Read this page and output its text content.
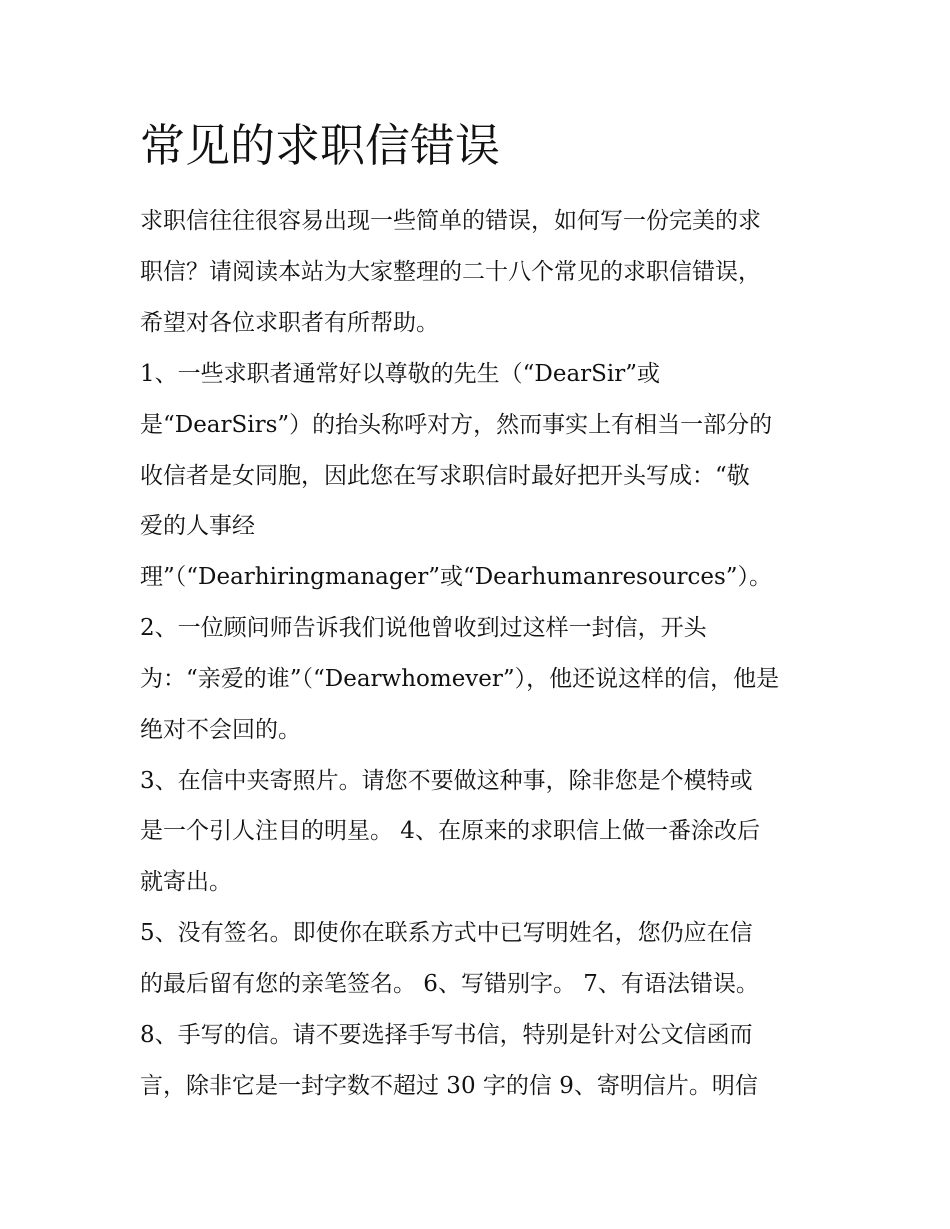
常见的求职信错误

求职信往往很容易出现一些简单的错误，如何写一份完美的求

职信？请阅读本站为大家整理的二十八个常见的求职信错误，

希望对各位求职者有所帮助。

1、一些求职者通常好以尊敬的先生（“DearSir”或

是“DearSirs”）的抬头称呼对方，然而事实上有相当一部分的

收信者是女同胞，因此您在写求职信时最好把开头写成：“敬

爱的人事经

理”（“Dearhiringmanager”或“Dearhumanresources”）。

2、一位顾问师告诉我们说他曾收到过这样一封信，开头

为：“亲爱的谁”（“Dearwhomever”），他还说这样的信，他是

绝对不会回的。

3、在信中夹寄照片。请您不要做这种事，除非您是个模特或

是一个引人注目的明星。 4、在原来的求职信上做一番涂改后

就寄出。

5、没有签名。即使你在联系方式中已写明姓名，您仍应在信

的最后留有您的亲笔签名。 6、写错别字。 7、有语法错误。

8、手写的信。请不要选择手写书信，特别是针对公文信函而

言，除非它是一封字数不超过 30 字的信 9、寄明信片。明信
